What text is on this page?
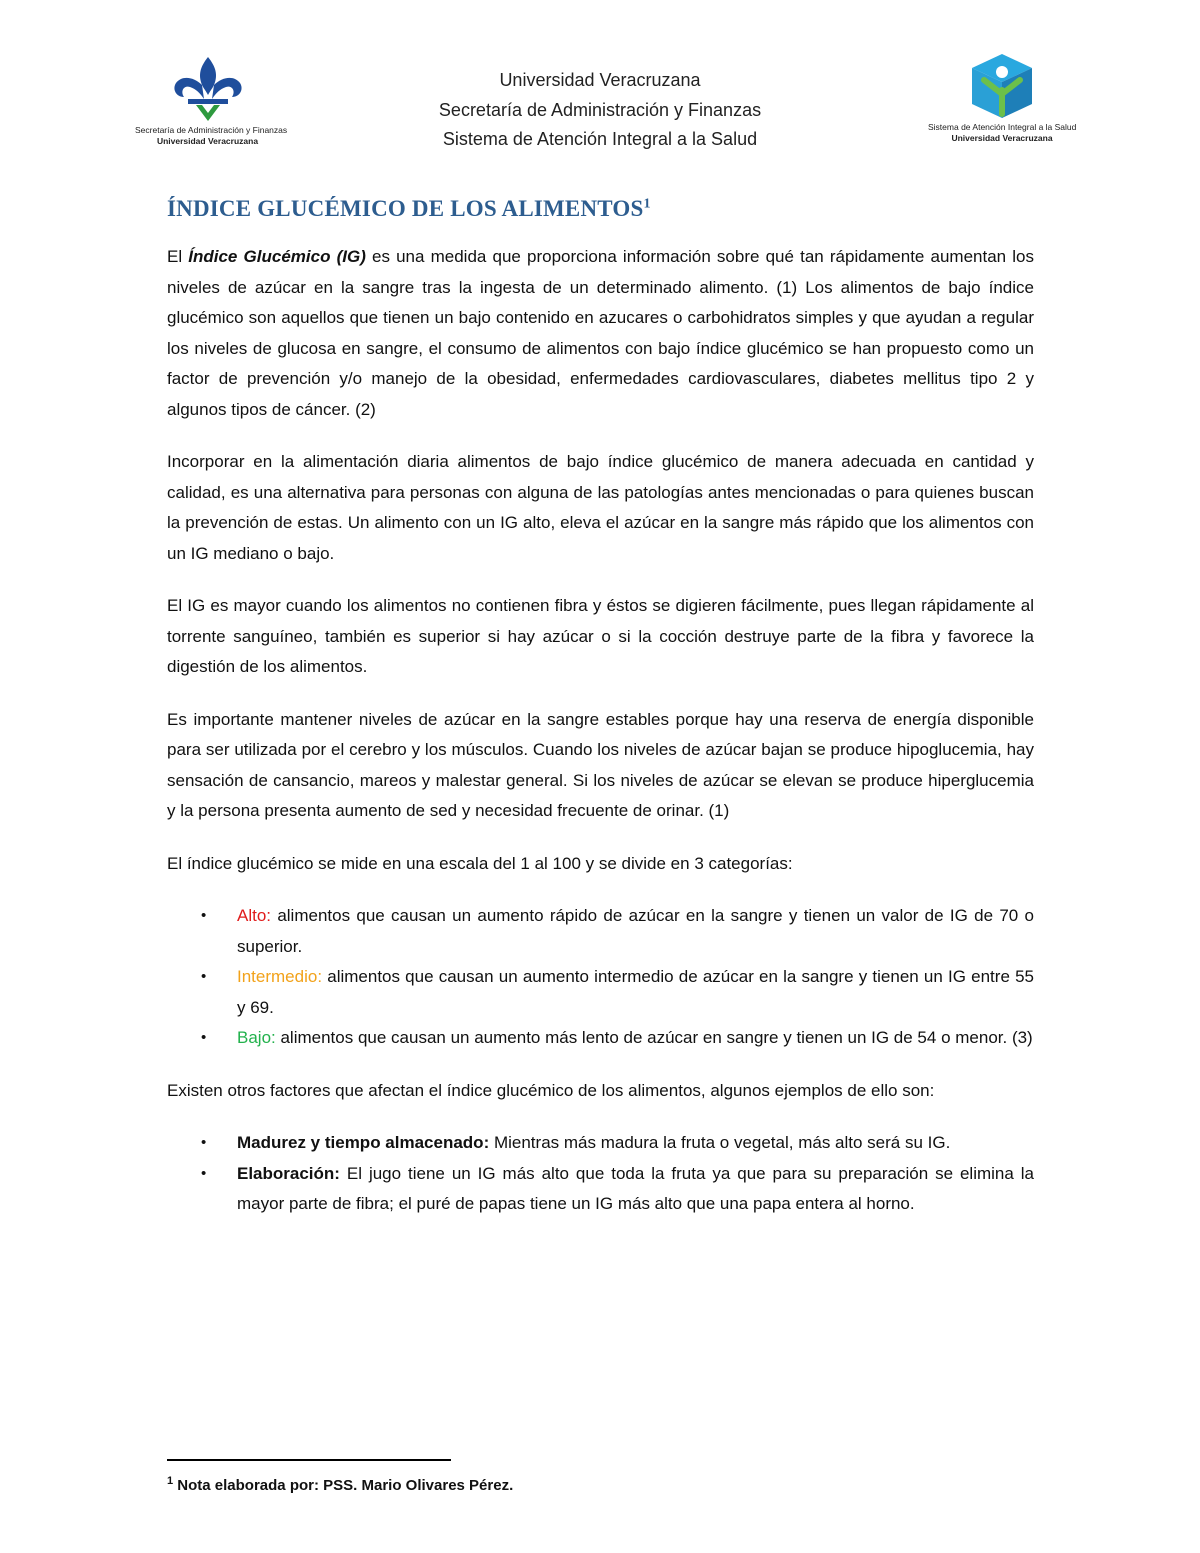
Secretaría de Administración y Finanzas
Universidad Veracruzana
Universidad Veracruzana
Secretaría de Administración y Finanzas
Sistema de Atención Integral a la Salud
Sistema de Atención Integral a la Salud
Universidad Veracruzana
ÍNDICE GLUCÉMICO DE LOS ALIMENTOS$^1$

El Índice Glucémico (IG) es una medida que proporciona información sobre qué tan rápidamente aumentan los niveles de azúcar en la sangre tras la ingesta de un determinado alimento. (1) Los alimentos de bajo índice glucémico son aquellos que tienen un bajo contenido en azucares o carbohidratos simples y que ayudan a regular los niveles de glucosa en sangre, el consumo de alimentos con bajo índice glucémico se han propuesto como un factor de prevención y/o manejo de la obesidad, enfermedades cardiovasculares, diabetes mellitus tipo 2 y algunos tipos de cáncer. (2)

Incorporar en la alimentación diaria alimentos de bajo índice glucémico de manera adecuada en cantidad y calidad, es una alternativa para personas con alguna de las patologías antes mencionadas o para quienes buscan la prevención de estas. Un alimento con un IG alto, eleva el azúcar en la sangre más rápido que los alimentos con un IG mediano o bajo.

El IG es mayor cuando los alimentos no contienen fibra y éstos se digieren fácilmente, pues llegan rápidamente al torrente sanguíneo, también es superior si hay azúcar o si la cocción destruye parte de la fibra y favorece la digestión de los alimentos.

Es importante mantener niveles de azúcar en la sangre estables porque hay una reserva de energía disponible para ser utilizada por el cerebro y los músculos. Cuando los niveles de azúcar bajan se produce hipoglucemia, hay sensación de cansancio, mareos y malestar general. Si los niveles de azúcar se elevan se produce hiperglucemia y la persona presenta aumento de sed y necesidad frecuente de orinar. (1)

El índice glucémico se mide en una escala del 1 al 100 y se divide en 3 categorías:

• Alto: alimentos que causan un aumento rápido de azúcar en la sangre y tienen un valor de IG de 70 o superior.
• Intermedio: alimentos que causan un aumento intermedio de azúcar en la sangre y tienen un IG entre 55 y 69.
• Bajo: alimentos que causan un aumento más lento de azúcar en sangre y tienen un IG de 54 o menor. (3)

Existen otros factores que afectan el índice glucémico de los alimentos, algunos ejemplos de ello son:

• Madurez y tiempo almacenado: Mientras más madura la fruta o vegetal, más alto será su IG.
• Elaboración: El jugo tiene un IG más alto que toda la fruta ya que para su preparación se elimina la mayor parte de fibra; el puré de papas tiene un IG más alto que una papa entera al horno.
$^1$ Nota elaborada por: PSS. Mario Olivares Pérez.
